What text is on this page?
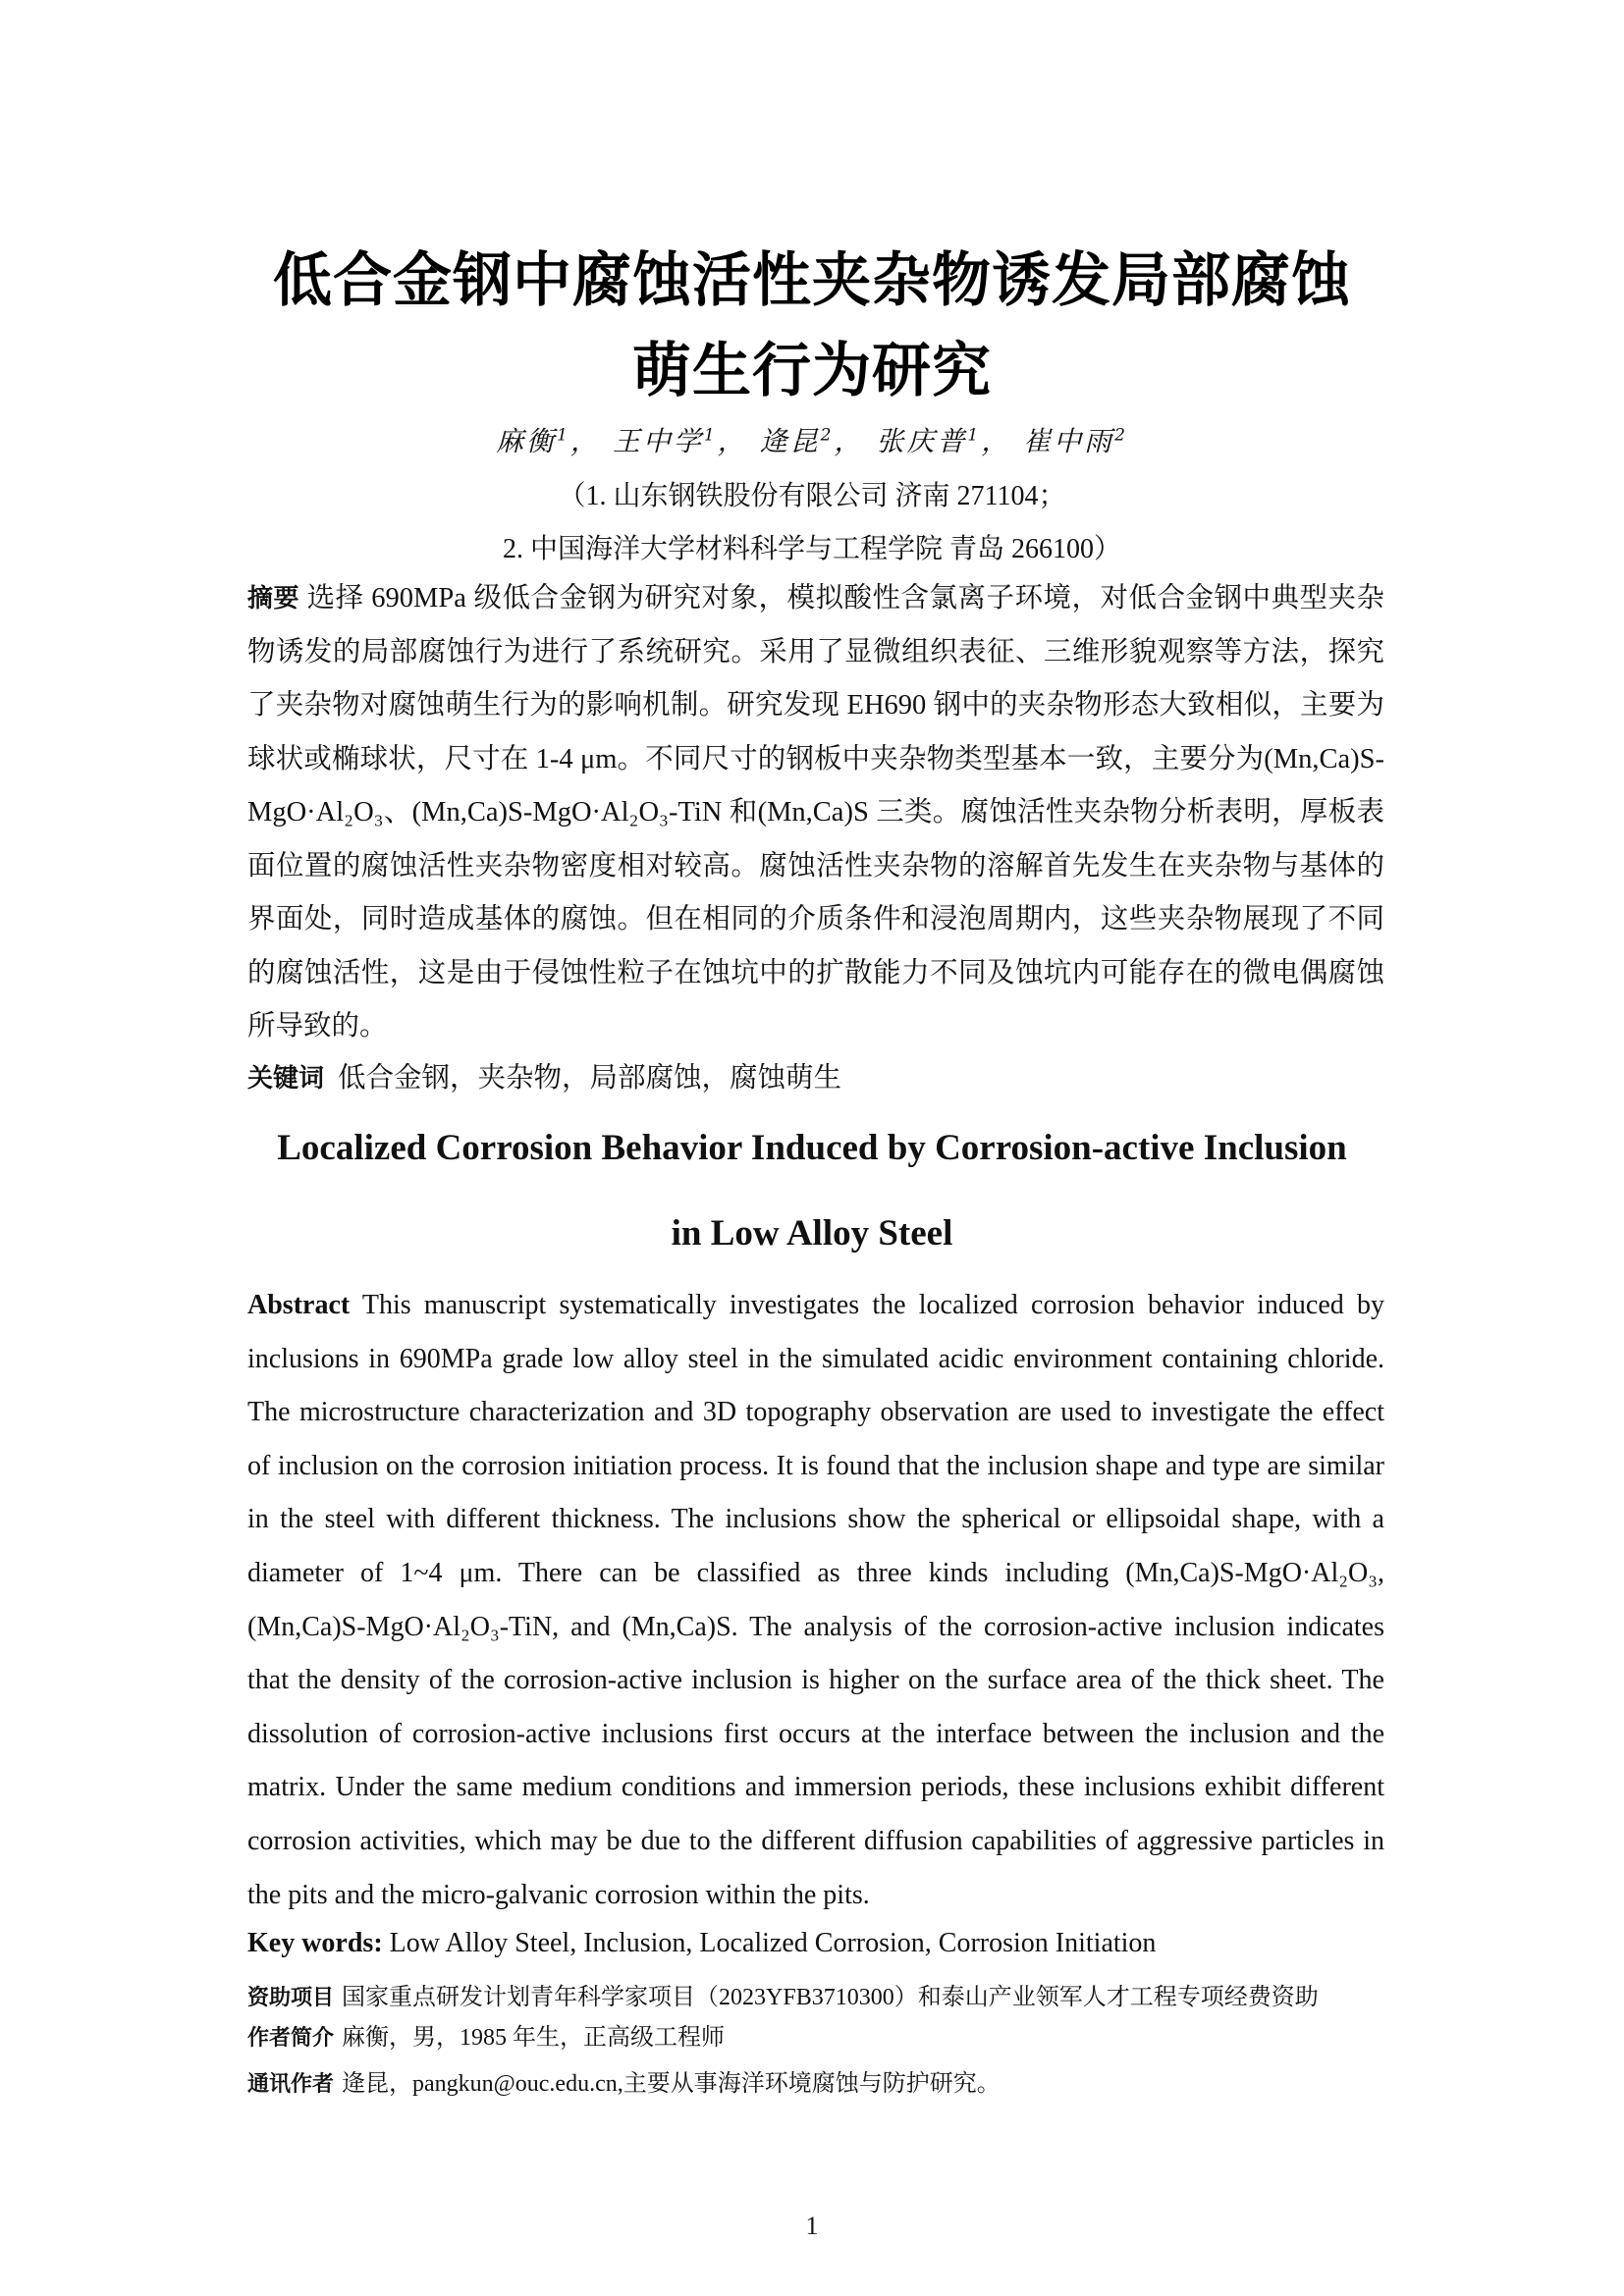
低合金钢中腐蚀活性夹杂物诱发局部腐蚀
萌生行为研究
麻衡$^1$， 王中学$^1$， 逄昆$^2$， 张庆普$^1$， 崔中雨$^2$
（1. 山东钢铁股份有限公司 济南 271104；
2. 中国海洋大学材料科学与工程学院 青岛 266100）
摘要 选择 690MPa 级低合金钢为研究对象，模拟酸性含氯离子环境，对低合金钢中典型夹杂物诱发的局部腐蚀行为进行了系统研究。采用了显微组织表征、三维形貌观察等方法，探究了夹杂物对腐蚀萌生行为的影响机制。研究发现 EH690 钢中的夹杂物形态大致相似，主要为球状或椭球状，尺寸在 1-4 μm。不同尺寸的钢板中夹杂物类型基本一致，主要分为(Mn,Ca)S-MgO·Al₂O₃、(Mn,Ca)S-MgO·Al₂O₃-TiN 和(Mn,Ca)S 三类。腐蚀活性夹杂物分析表明，厚板表面位置的腐蚀活性夹杂物密度相对较高。腐蚀活性夹杂物的溶解首先发生在夹杂物与基体的界面处，同时造成基体的腐蚀。但在相同的介质条件和浸泡周期内，这些夹杂物展现了不同的腐蚀活性，这是由于侵蚀性粒子在蚀坑中的扩散能力不同及蚀坑内可能存在的微电偶腐蚀所导致的。
关键词 低合金钢，夹杂物，局部腐蚀，腐蚀萌生
Localized Corrosion Behavior Induced by Corrosion-active Inclusion
in Low Alloy Steel
Abstract This manuscript systematically investigates the localized corrosion behavior induced by inclusions in 690MPa grade low alloy steel in the simulated acidic environment containing chloride. The microstructure characterization and 3D topography observation are used to investigate the effect of inclusion on the corrosion initiation process. It is found that the inclusion shape and type are similar in the steel with different thickness. The inclusions show the spherical or ellipsoidal shape, with a diameter of 1~4 μm. There can be classified as three kinds including (Mn,Ca)S-MgO·Al₂O₃, (Mn,Ca)S-MgO·Al₂O₃-TiN, and (Mn,Ca)S. The analysis of the corrosion-active inclusion indicates that the density of the corrosion-active inclusion is higher on the surface area of the thick sheet. The dissolution of corrosion-active inclusions first occurs at the interface between the inclusion and the matrix. Under the same medium conditions and immersion periods, these inclusions exhibit different corrosion activities, which may be due to the different diffusion capabilities of aggressive particles in the pits and the micro-galvanic corrosion within the pits.
Key words: Low Alloy Steel, Inclusion, Localized Corrosion, Corrosion Initiation
资助项目 国家重点研发计划青年科学家项目（2023YFB3710300）和泰山产业领军人才工程专项经费资助
作者简介 麻衡，男，1985 年生，正高级工程师
通讯作者 逄昆，pangkun@ouc.edu.cn,主要从事海洋环境腐蚀与防护研究。
1
